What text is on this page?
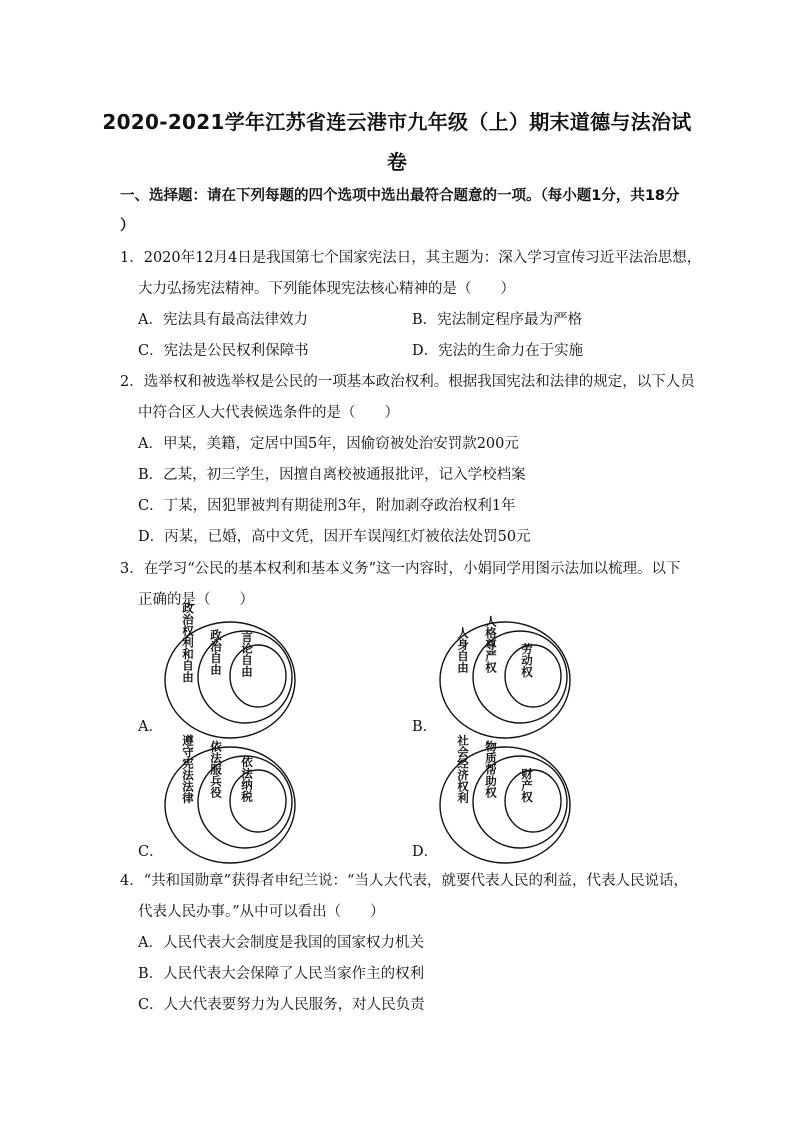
2020-2021学年江苏省连云港市九年级（上）期末道德与法治试
卷
一、选择题：请在下列每题的四个选项中选出最符合题意的一项。（每小题1分，共18分
）
1．2020年12月4日是我国第七个国家宪法日，其主题为：深入学习宣传习近平法治思想，
大力弘扬宪法精神。下列能体现宪法核心精神的是（　　）
A．宪法具有最高法律效力	B．宪法制定程序最为严格
C．宪法是公民权利保障书	D．宪法的生命力在于实施
2．选举权和被选举权是公民的一项基本政治权利。根据我国宪法和法律的规定，以下人员
中符合区人大代表候选条件的是（　　）
A．甲某，美籍，定居中国5年，因偷窃被处治安罚款200元
B．乙某，初三学生，因擅自离校被通报批评，记入学校档案
C．丁某，因犯罪被判有期徒刑3年，附加剥夺政治权利1年
D．丙某，已婚，高中文凭，因开车误闯红灯被依法处罚50元
3．在学习“公民的基本权利和基本义务”这一内容时，小娟同学用图示法加以梳理。以下
正确的是（　　）
政治权利和自由 政治自由 言论自由
A．
人身自由 人格尊严权 劳动权
B．
遵守宪法法律 依法服兵役 依法纳税
C．
社会经济权利 物质帮助权 财产权
D．
4．“共和国勋章”获得者申纪兰说：“当人大代表，就要代表人民的利益，代表人民说话，
代表人民办事。”从中可以看出（　　）
A．人民代表大会制度是我国的国家权力机关
B．人民代表大会保障了人民当家作主的权利
C．人大代表要努力为人民服务，对人民负责
